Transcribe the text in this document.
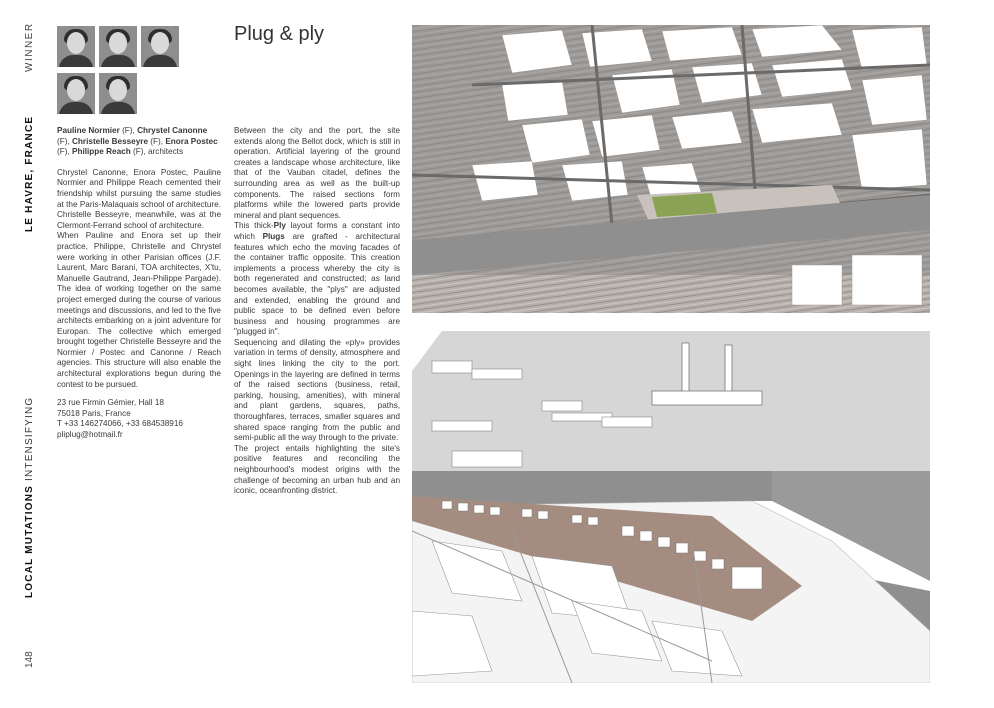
WINNER
LE HAVRE, FRANCE
LOCAL MUTATIONS INTENSIFYING
148
Plug & ply

Pauline Normier (F), Chrystel Canonne (F), Christelle Besseyre (F), Enora Postec (F), Philippe Reach (F), architects

Chrystel Canonne, Enora Postec, Pauline Normier and Philippe Reach cemented their friendship whilst pursuing the same studies at the Paris-Malaquais school of architecture. Christelle Besseyre, meanwhile, was at the Clermont-Ferrand school of architecture.

When Pauline and Enora set up their practice, Philippe, Christelle and Chrystel were working in other Parisian offices (J.F. Laurent, Marc Barani, TOA architectes, X'tu, Manuelle Gautrand, Jean-Philippe Pargade). The idea of working together on the same project emerged during the course of various meetings and discussions, and led to the five architects embarking on a joint adventure for Europan. The collective which emerged brought together Christelle Besseyre and the Normier / Postec and Canonne / Reach agencies. This structure will also enable the architectural explorations begun during the contest to be pursued.

23 rue Firmin Gémier, Hall 18
75018 Paris, France
T +33 146274066, +33 684538916
pliplug@hotmail.fr

Between the city and the port, the site extends along the Bellot dock, which is still in operation. Artificial layering of the ground creates a landscape whose architecture, like that of the Vauban citadel, defines the surrounding area as well as the built-up components. The raised sections form platforms while the lowered parts provide mineral and plant sequences.

This thick-Ply layout forms a constant into which Plugs are grafted - architectural features which echo the moving facades of the container traffic opposite. This creation implements a process whereby the city is both regenerated and constructed; as land becomes available, the "plys" are adjusted and extended, enabling the ground and public space to be defined even before business and housing programmes are "plugged in".

Sequencing and dilating the «ply» provides variation in terms of density, atmosphere and sight lines linking the city to the port. Openings in the layering are defined in terms of the raised sections (business, retail, parking, housing, amenities), with mineral and plant gardens, squares, paths, thoroughfares, terraces, smaller squares and shared space ranging from the public and semi-public all the way through to the private.

The project entails highlighting the site's positive features and reconciling the neighbourhood's modest origins with the challenge of becoming an urban hub and an iconic, oceanfronting district.
